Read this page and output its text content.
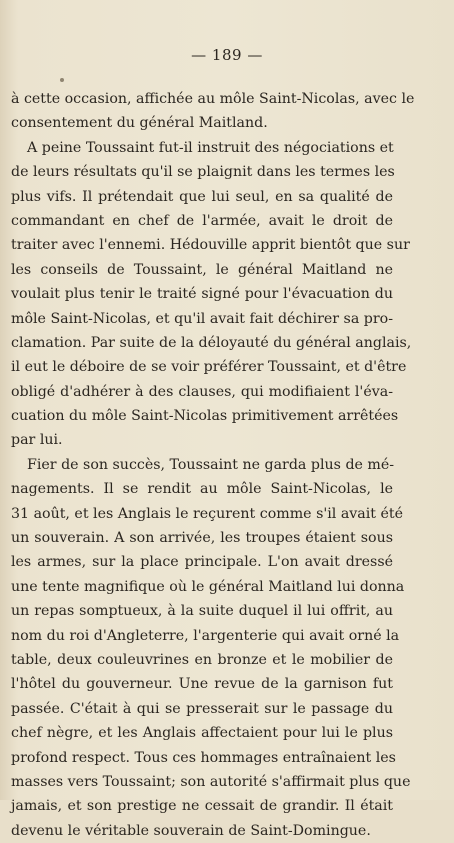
— 189 —
à cette occasion, affichée au môle Saint-Nicolas, avec le
consentement du général Maitland.
A peine Toussaint fut-il instruit des négociations et
de leurs résultats qu'il se plaignit dans les termes les
plus vifs. Il prétendait que lui seul, en sa qualité de
commandant en chef de l'armée, avait le droit de
traiter avec l'ennemi. Hédouville apprit bientôt que sur
les conseils de Toussaint, le général Maitland ne
voulait plus tenir le traité signé pour l'évacuation du
môle Saint-Nicolas, et qu'il avait fait déchirer sa pro-
clamation. Par suite de la déloyauté du général anglais,
il eut le déboire de se voir préférer Toussaint, et d'être
obligé d'adhérer à des clauses, qui modifiaient l'éva-
cuation du môle Saint-Nicolas primitivement arrêtées
par lui.
Fier de son succès, Toussaint ne garda plus de mé-
nagements. Il se rendit au môle Saint-Nicolas, le
31 août, et les Anglais le reçurent comme s'il avait été
un souverain. A son arrivée, les troupes étaient sous
les armes, sur la place principale. L'on avait dressé
une tente magnifique où le général Maitland lui donna
un repas somptueux, à la suite duquel il lui offrit, au
nom du roi d'Angleterre, l'argenterie qui avait orné la
table, deux couleuvrines en bronze et le mobilier de
l'hôtel du gouverneur. Une revue de la garnison fut
passée. C'était à qui se presserait sur le passage du
chef nègre, et les Anglais affectaient pour lui le plus
profond respect. Tous ces hommages entraînaient les
masses vers Toussaint; son autorité s'affirmait plus que
jamais, et son prestige ne cessait de grandir. Il était
devenu le véritable souverain de Saint-Domingue.
